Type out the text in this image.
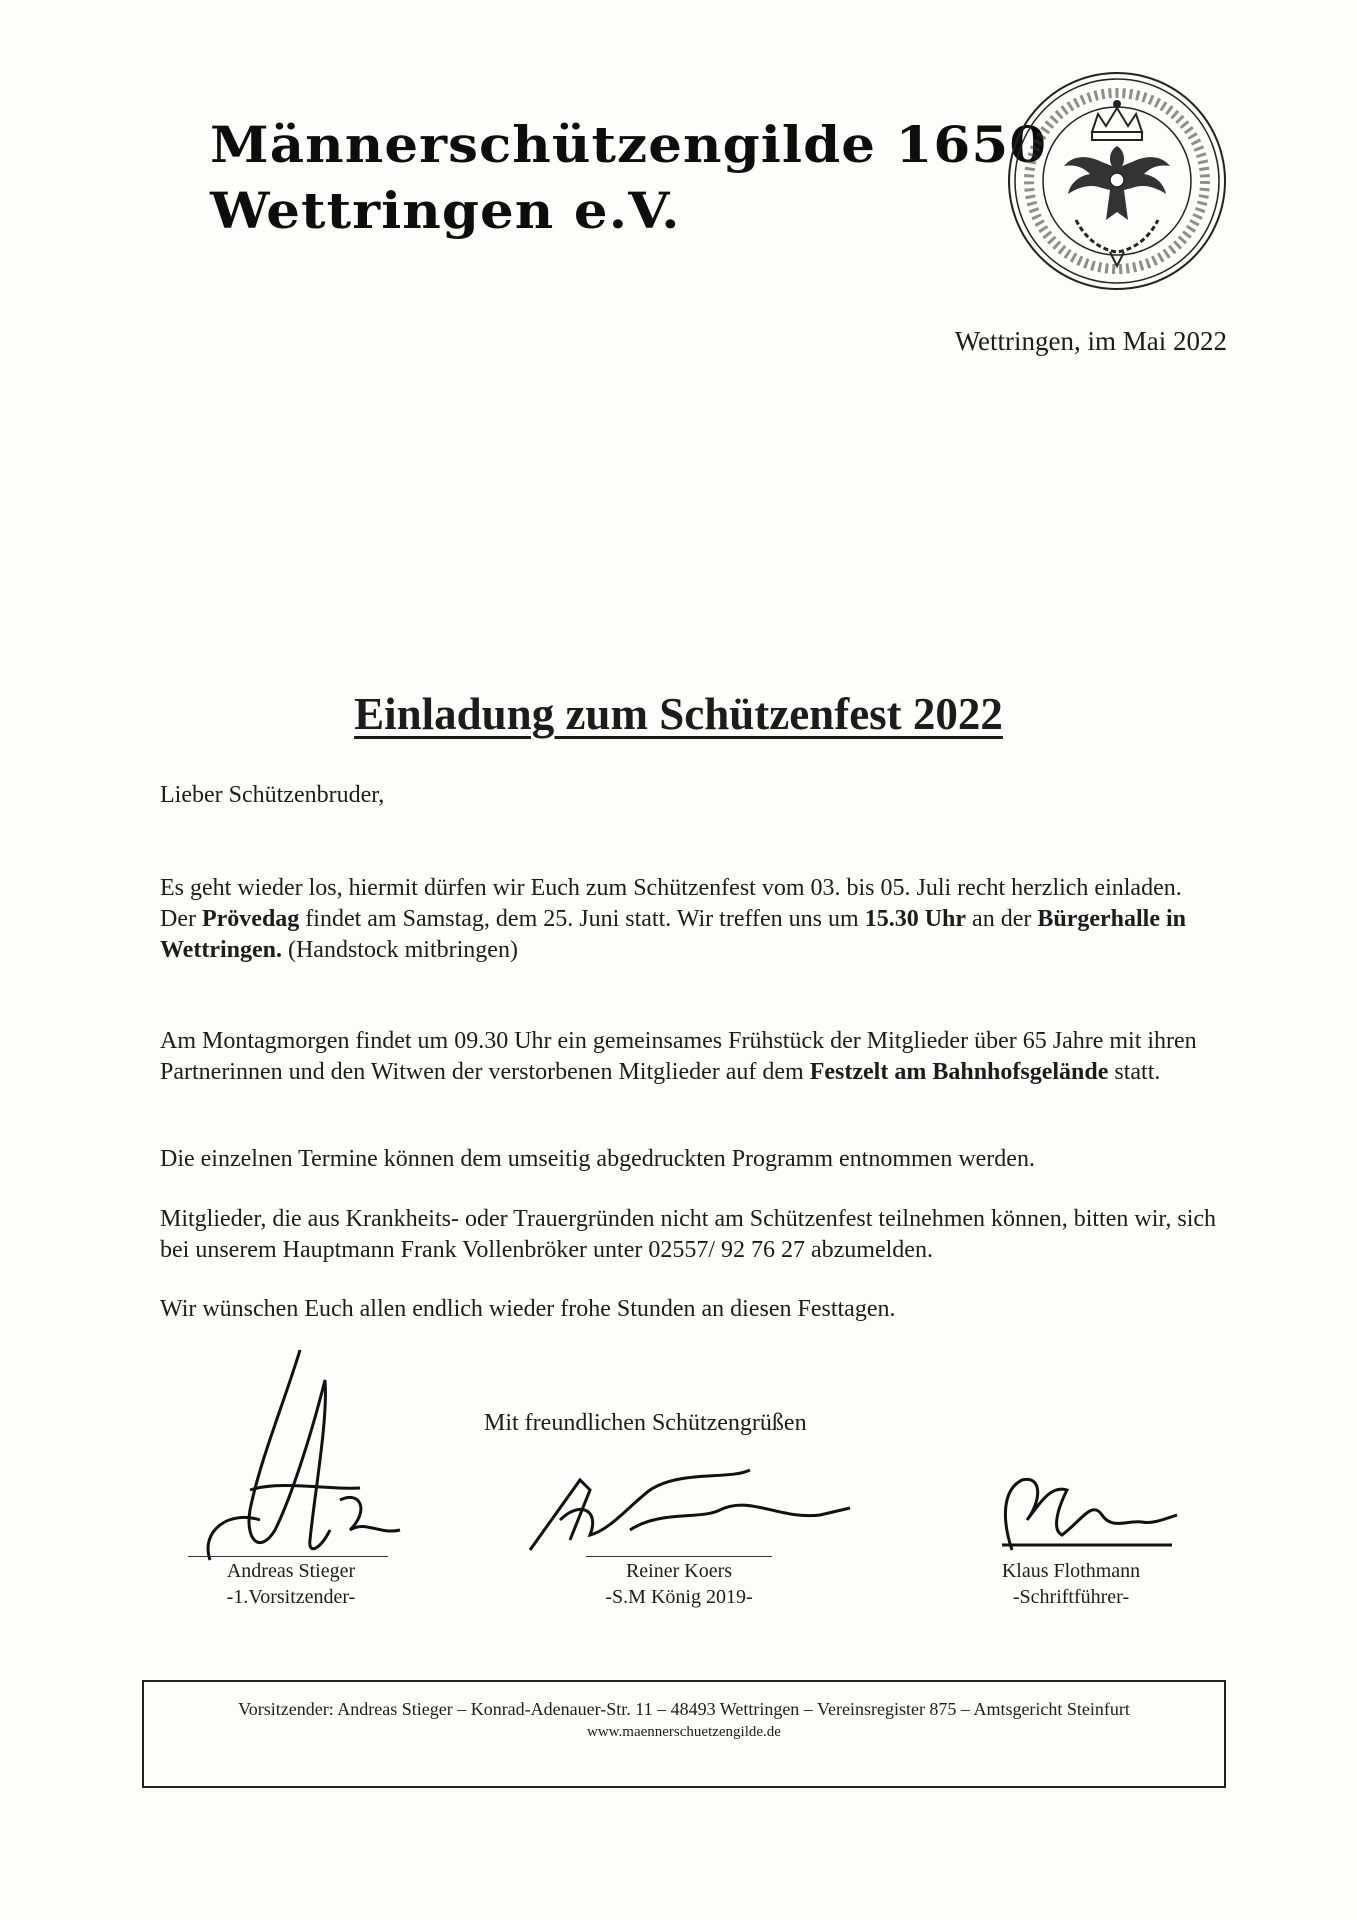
Männerschützengilde 1650
Wettringen e.V.
Wettringen, im Mai 2022
Einladung zum Schützenfest 2022
Lieber Schützenbruder,

Es geht wieder los, hiermit dürfen wir Euch zum Schützenfest vom 03. bis 05. Juli recht herzlich einladen.

Der Prövedag findet am Samstag, dem 25. Juni statt. Wir treffen uns um 15.30 Uhr an der Bürgerhalle in Wettringen. (Handstock mitbringen)

Am Montagmorgen findet um 09.30 Uhr ein gemeinsames Frühstück der Mitglieder über 65 Jahre mit ihren Partnerinnen und den Witwen der verstorbenen Mitglieder auf dem Festzelt am Bahnhofsgelände statt.

Die einzelnen Termine können dem umseitig abgedruckten Programm entnommen werden.
Mitglieder, die aus Krankheits- oder Trauergründen nicht am Schützenfest teilnehmen können, bitten wir, sich bei unserem Hauptmann Frank Vollenbröker unter 02557/ 92 76 27 abzumelden.
Wir wünschen Euch allen endlich wieder frohe Stunden an diesen Festtagen.
Mit freundlichen Schützengrüßen
Andreas Stieger
-1.Vorsitzender-
Reiner Koers
-S.M König 2019-
Klaus Flothmann
-Schriftführer-
Vorsitzender: Andreas Stieger – Konrad-Adenauer-Str. 11 – 48493 Wettringen – Vereinsregister 875 – Amtsgericht Steinfurt
www.maennerschuetzengilde.de
